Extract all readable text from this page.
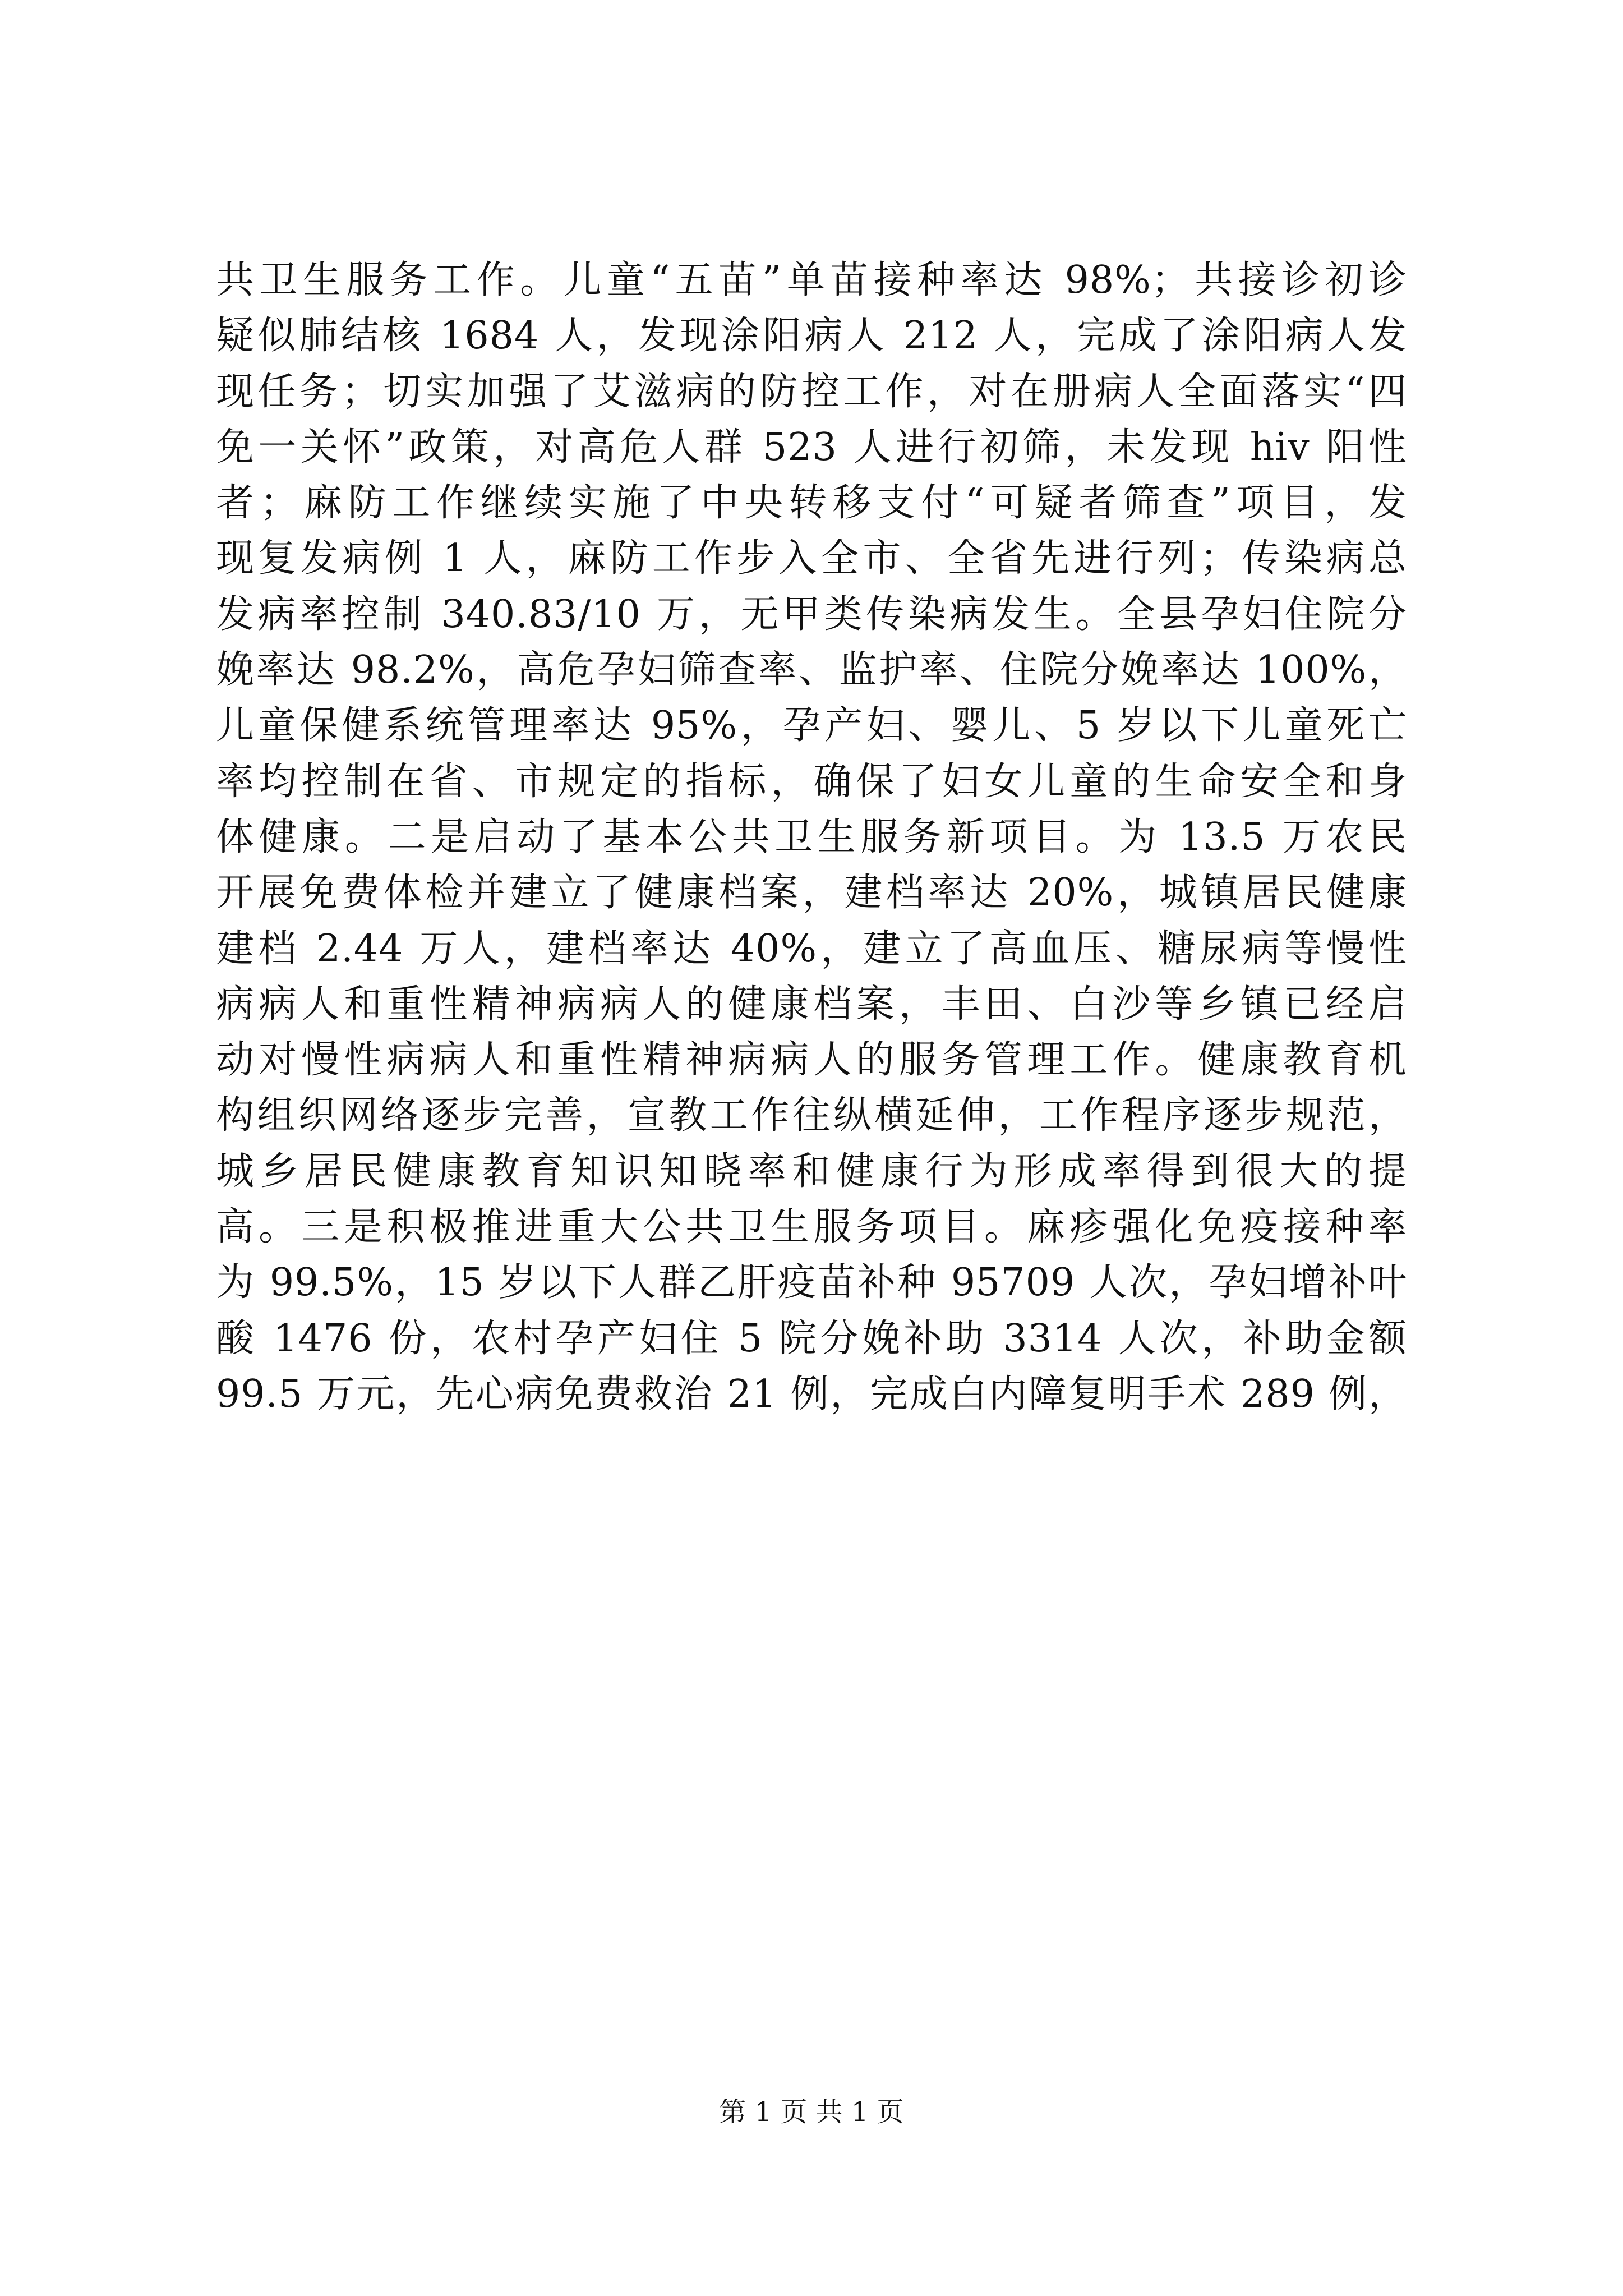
共卫生服务工作。儿童“五苗”单苗接种率达 98%；共接诊初诊
疑似肺结核 1684 人，发现涂阳病人 212 人，完成了涂阳病人发
现任务；切实加强了艾滋病的防控工作，对在册病人全面落实“四
免一关怀”政策，对高危人群 523 人进行初筛，未发现 hiv 阳性
者；麻防工作继续实施了中央转移支付“可疑者筛查”项目，发
现复发病例 1 人，麻防工作步入全市、全省先进行列；传染病总
发病率控制 340.83/10 万，无甲类传染病发生。全县孕妇住院分
娩率达 98.2%，高危孕妇筛查率、监护率、住院分娩率达 100%，
儿童保健系统管理率达 95%，孕产妇、婴儿、5 岁以下儿童死亡
率均控制在省、市规定的指标，确保了妇女儿童的生命安全和身
体健康。二是启动了基本公共卫生服务新项目。为 13.5 万农民
开展免费体检并建立了健康档案，建档率达 20%，城镇居民健康
建档 2.44 万人，建档率达 40%，建立了高血压、糖尿病等慢性
病病人和重性精神病病人的健康档案，丰田、白沙等乡镇已经启
动对慢性病病人和重性精神病病人的服务管理工作。健康教育机
构组织网络逐步完善，宣教工作往纵横延伸，工作程序逐步规范，
城乡居民健康教育知识知晓率和健康行为形成率得到很大的提
高。三是积极推进重大公共卫生服务项目。麻疹强化免疫接种率
为 99.5%，15 岁以下人群乙肝疫苗补种 95709 人次，孕妇增补叶
酸 1476 份，农村孕产妇住 5 院分娩补助 3314 人次，补助金额
99.5 万元，先心病免费救治 21 例，完成白内障复明手术 289 例，
第 1 页 共 1 页
